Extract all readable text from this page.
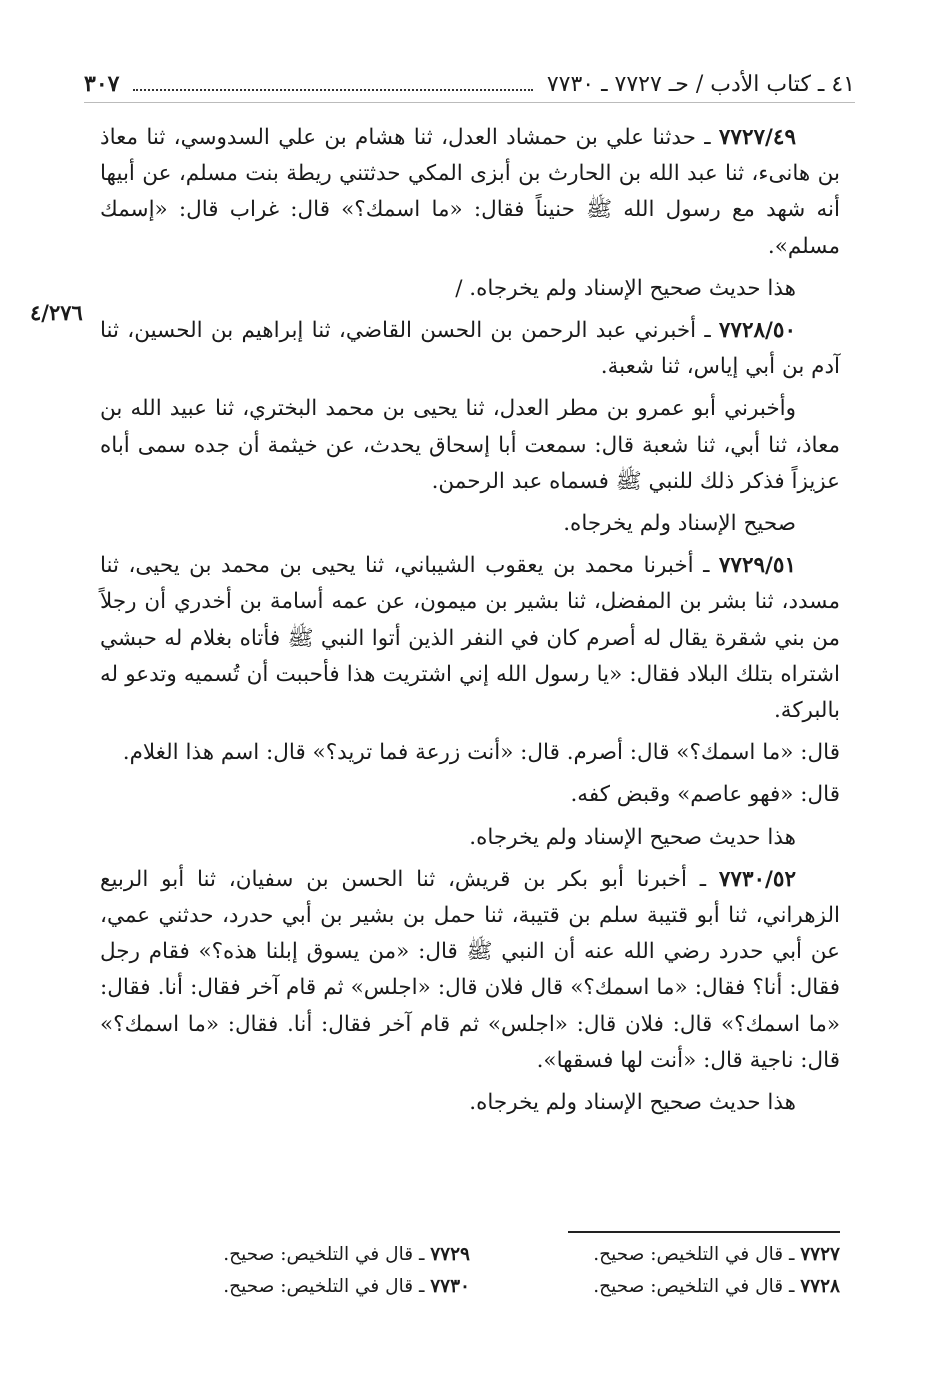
٤١ ـ كتاب الأدب / حـ ٧٧٢٧ ـ ٧٧٣٠
٣٠٧
٤/٢٧٦

٧٧٢٧/٤٩ ـ حدثنا علي بن حمشاد العدل، ثنا هشام بن علي السدوسي، ثنا معاذ بن هانىء، ثنا عبد الله بن الحارث بن أبزى المكي حدثتني ريطة بنت مسلم، عن أبيها أنه شهد مع رسول الله ﷺ حنيناً فقال: «ما اسمك؟» قال: غراب قال: «إسمك مسلم».

هذا حديث صحيح الإسناد ولم يخرجاه. /

٧٧٢٨/٥٠ ـ أخبرني عبد الرحمن بن الحسن القاضي، ثنا إبراهيم بن الحسين، ثنا آدم بن أبي إياس، ثنا شعبة.

وأخبرني أبو عمرو بن مطر العدل، ثنا يحيى بن محمد البختري، ثنا عبيد الله بن معاذ، ثنا أبي، ثنا شعبة قال: سمعت أبا إسحاق يحدث، عن خيثمة أن جده سمى أباه عزيزاً فذكر ذلك للنبي ﷺ فسماه عبد الرحمن.

صحيح الإسناد ولم يخرجاه.

٧٧٢٩/٥١ ـ أخبرنا محمد بن يعقوب الشيباني، ثنا يحيى بن محمد بن يحيى، ثنا مسدد، ثنا بشر بن المفضل، ثنا بشير بن ميمون، عن عمه أسامة بن أخدري أن رجلاً من بني شقرة يقال له أصرم كان في النفر الذين أتوا النبي ﷺ فأتاه بغلام له حبشي اشتراه بتلك البلاد فقال: «يا رسول الله إني اشتريت هذا فأحببت أن تُسميه وتدعو له بالبركة.

قال: «ما اسمك؟» قال: أصرم. قال: «أنت زرعة فما تريد؟» قال: اسم هذا الغلام.

قال: «فهو عاصم» وقبض كفه.

هذا حديث صحيح الإسناد ولم يخرجاه.

٧٧٣٠/٥٢ ـ أخبرنا أبو بكر بن قريش، ثنا الحسن بن سفيان، ثنا أبو الربيع الزهراني، ثنا أبو قتيبة سلم بن قتيبة، ثنا حمل بن بشير بن أبي حدرد، حدثني عمي، عن أبي حدرد رضي الله عنه أن النبي ﷺ قال: «من يسوق إبلنا هذه؟» فقام رجل فقال: أنا؟ فقال: «ما اسمك؟» قال فلان قال: «اجلس» ثم قام آخر فقال: أنا. فقال: «ما اسمك؟» قال: فلان قال: «اجلس» ثم قام آخر فقال: أنا. فقال: «ما اسمك؟» قال: ناجية قال: «أنت لها فسقها».

هذا حديث صحيح الإسناد ولم يخرجاه.

٧٧٢٧ ـ قال في التلخيص: صحيح.
٧٧٢٩ ـ قال في التلخيص: صحيح.
٧٧٢٨ ـ قال في التلخيص: صحيح.
٧٧٣٠ ـ قال في التلخيص: صحيح.
